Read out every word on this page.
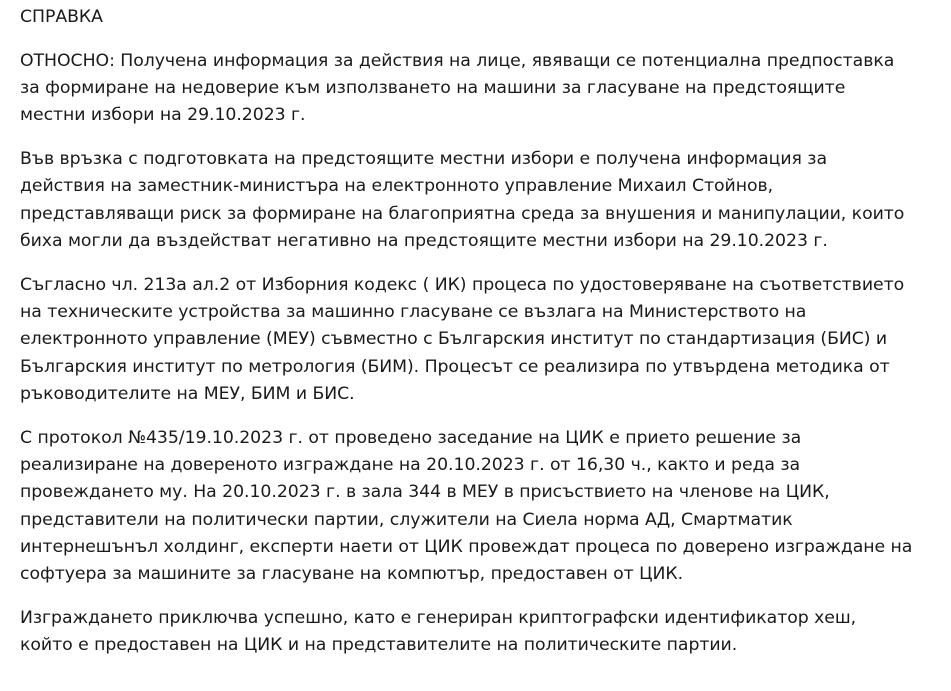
СПРАВКА

ОТНОСНО: Получена информация за действия на лице, явяващи се потенциална предпоставка
за формиране на недоверие към използването на машини за гласуване на предстоящите
местни избори на 29.10.2023 г.

Във връзка с подготовката на предстоящите местни избори е получена информация за
действия на заместник-министъра на електронното управление Михаил Стойнов,
представляващи риск за формиране на благоприятна среда за внушения и манипулации, които
биха могли да въздействат негативно на предстоящите местни избори на 29.10.2023 г.

Съгласно чл. 213а ал.2 от Изборния кодекс ( ИК) процеса по удостоверяване на съответствието
на техническите устройства за машинно гласуване се възлага на Министерството на
електронното управление (МЕУ) съвместно с Българския институт по стандартизация (БИС) и
Българския институт по метрология (БИМ). Процесът се реализира по утвърдена методика от
ръководителите на МЕУ, БИМ и БИС.

С протокол №435/19.10.2023 г. от проведено заседание на ЦИК е прието решение за
реализиране на довереното изграждане на 20.10.2023 г. от 16,30 ч., както и реда за
провеждането му. На 20.10.2023 г. в зала 344 в МЕУ в присъствието на членове на ЦИК,
представители на политически партии, служители на Сиела норма АД, Смартматик
интернешънъл холдинг, експерти наети от ЦИК провеждат процеса по доверено изграждане на
софтуера за машините за гласуване на компютър, предоставен от ЦИК.

Изграждането приключва успешно, като е генериран криптографски идентификатор хеш,
който е предоставен на ЦИК и на представителите на политическите партии.
